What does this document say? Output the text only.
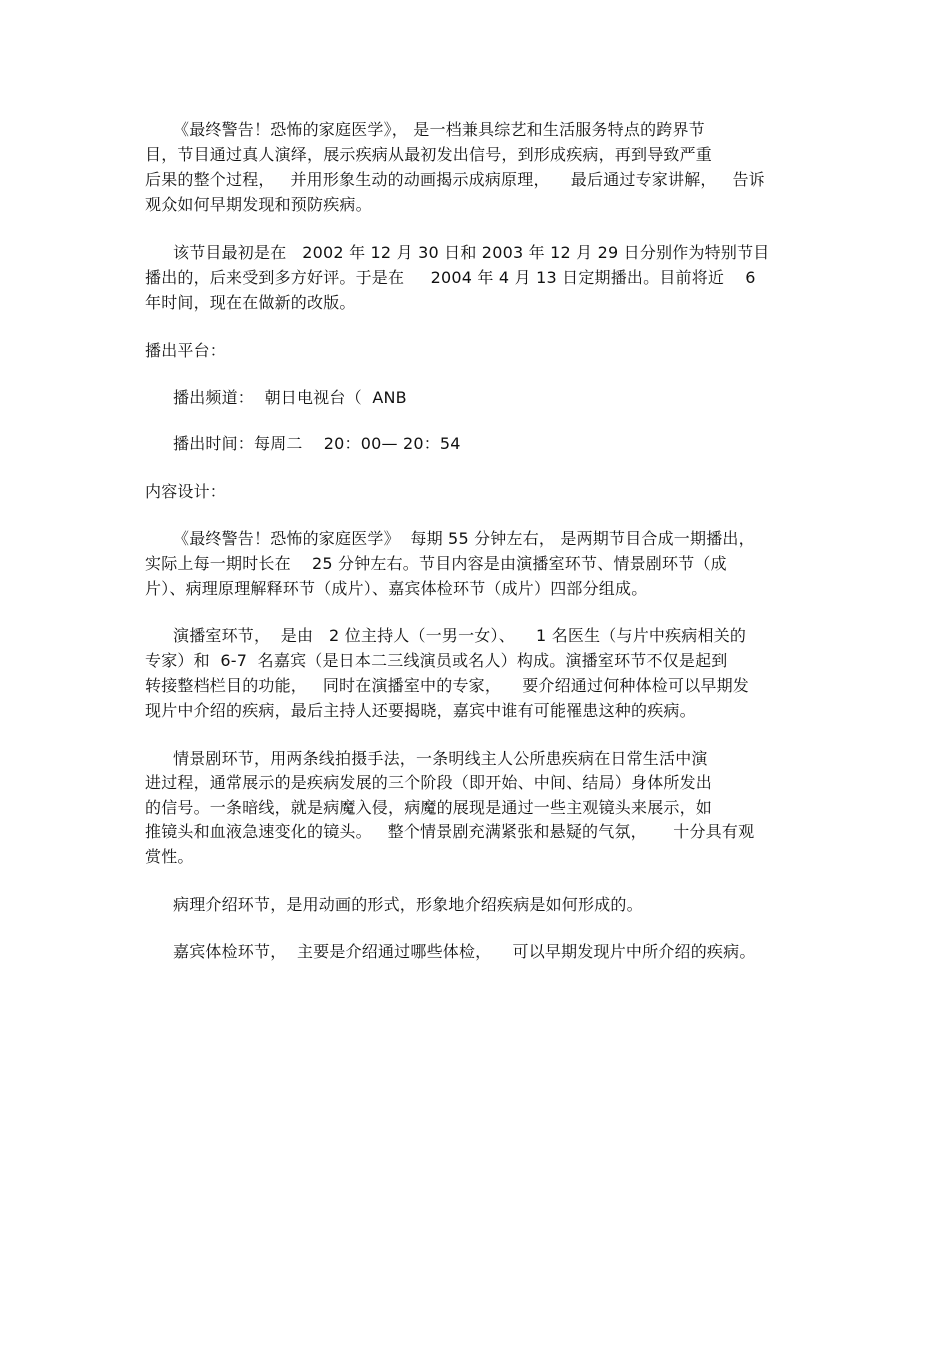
《最终警告！恐怖的家庭医学》， 是一档兼具综艺和生活服务特点的跨界节
目，节目通过真人演绎，展示疾病从最初发出信号，到形成疾病，再到导致严重
后果的整个过程，   并用形象生动的动画揭示成病原理，    最后通过专家讲解，   告诉
观众如何早期发现和预防疾病。
该节目最初是在   2002 年 12 月 30 日和 2003 年 12 月 29 日分别作为特别节目
播出的，后来受到多方好评。于是在     2004 年 4 月 13 日定期播出。目前将近    6
年时间，现在在做新的改版。
播出平台：
播出频道：  朝日电视台（  ANB
播出时间：每周二    20：00— 20：54
内容设计：
《最终警告！恐怖的家庭医学》  每期 55 分钟左右， 是两期节目合成一期播出，
实际上每一期时长在    25 分钟左右。节目内容是由演播室环节、情景剧环节（成
片）、病理原理解释环节（成片）、嘉宾体检环节（成片）四部分组成。
演播室环节，  是由   2 位主持人（一男一女）、    1 名医生（与片中疾病相关的
专家）和  6-7  名嘉宾（是日本二三线演员或名人）构成。演播室环节不仅是起到
转接整档栏目的功能，   同时在演播室中的专家，    要介绍通过何种体检可以早期发
现片中介绍的疾病，最后主持人还要揭晓，嘉宾中谁有可能罹患这种的疾病。
情景剧环节，用两条线拍摄手法，一条明线主人公所患疾病在日常生活中演
进过程，通常展示的是疾病发展的三个阶段（即开始、中间、结局）身体所发出
的信号。一条暗线，就是病魔入侵，病魔的展现是通过一些主观镜头来展示，如
推镜头和血液急速变化的镜头。   整个情景剧充满紧张和悬疑的气氛，     十分具有观
赏性。
病理介绍环节，是用动画的形式，形象地介绍疾病是如何形成的。
嘉宾体检环节，  主要是介绍通过哪些体检，    可以早期发现片中所介绍的疾病。
